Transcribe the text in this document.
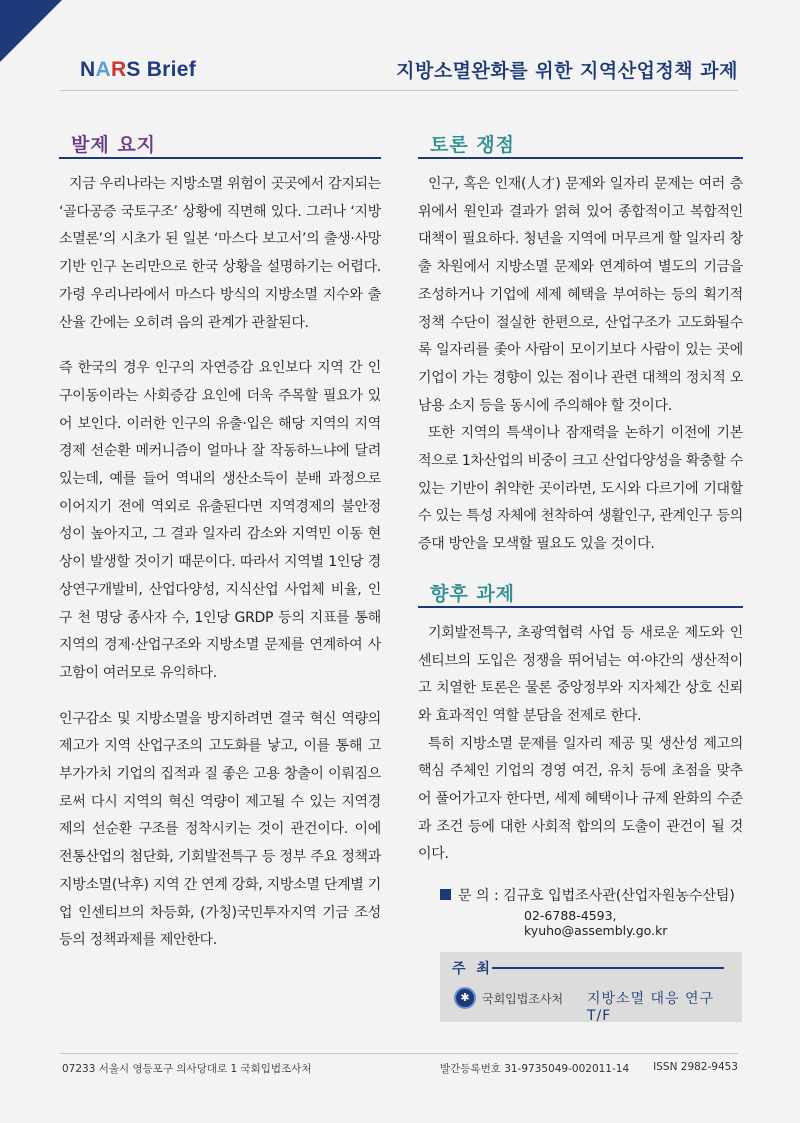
NARS Brief	지방소멸완화를 위한 지역산업정책 과제
발제 요지

지금 우리나라는 지방소멸 위험이 곳곳에서 감지되는 ‘골다공증 국토구조’ 상황에 직면해 있다. 그러나 ‘지방소멸론’의 시초가 된 일본 ‘마스다 보고서’의 출생·사망 기반 인구 논리만으로 한국 상황을 설명하기는 어렵다. 가령 우리나라에서 마스다 방식의 지방소멸 지수와 출산율 간에는 오히려 음의 관계가 관찰된다.

즉 한국의 경우 인구의 자연증감 요인보다 지역 간 인구이동이라는 사회증감 요인에 더욱 주목할 필요가 있어 보인다. 이러한 인구의 유출·입은 해당 지역의 지역경제 선순환 메커니즘이 얼마나 잘 작동하느냐에 달려 있는데, 예를 들어 역내의 생산소득이 분배 과정으로 이어지기 전에 역외로 유출된다면 지역경제의 불안정성이 높아지고, 그 결과 일자리 감소와 지역민 이동 현상이 발생할 것이기 때문이다. 따라서 지역별 1인당 경상연구개발비, 산업다양성, 지식산업 사업체 비율, 인구 천 명당 종사자 수, 1인당 GRDP 등의 지표를 통해 지역의 경제·산업구조와 지방소멸 문제를 연계하여 사고함이 여러모로 유익하다.

인구감소 및 지방소멸을 방지하려면 결국 혁신 역량의 제고가 지역 산업구조의 고도화를 낳고, 이를 통해 고부가가치 기업의 집적과 질 좋은 고용 창출이 이뤄짐으로써 다시 지역의 혁신 역량이 제고될 수 있는 지역경제의 선순환 구조를 정착시키는 것이 관건이다. 이에 전통산업의 첨단화, 기회발전특구 등 정부 주요 정책과 지방소멸(낙후) 지역 간 연계 강화, 지방소멸 단계별 기업 인센티브의 차등화, (가칭)국민투자지역 기금 조성 등의 정책과제를 제안한다.

토론 쟁점

인구, 혹은 인재(人才) 문제와 일자리 문제는 여러 층위에서 원인과 결과가 얽혀 있어 종합적이고 복합적인 대책이 필요하다. 청년을 지역에 머무르게 할 일자리 창출 차원에서 지방소멸 문제와 연계하여 별도의 기금을 조성하거나 기업에 세제 혜택을 부여하는 등의 획기적 정책 수단이 절실한 한편으로, 산업구조가 고도화될수록 일자리를 좇아 사람이 모이기보다 사람이 있는 곳에 기업이 가는 경향이 있는 점이나 관련 대책의 정치적 오남용 소지 등을 동시에 주의해야 할 것이다.

또한 지역의 특색이나 잠재력을 논하기 이전에 기본적으로 1차산업의 비중이 크고 산업다양성을 확충할 수 있는 기반이 취약한 곳이라면, 도시와 다르기에 기대할 수 있는 특성 자체에 천착하여 생활인구, 관계인구 등의 증대 방안을 모색할 필요도 있을 것이다.

향후 과제

기회발전특구, 초광역협력 사업 등 새로운 제도와 인센티브의 도입은 정쟁을 뛰어넘는 여·야간의 생산적이고 치열한 토론은 물론 중앙정부와 지자체간 상호 신뢰와 효과적인 역할 분담을 전제로 한다.

특히 지방소멸 문제를 일자리 제공 및 생산성 제고의 핵심 주체인 기업의 경영 여건, 유치 등에 초점을 맞추어 풀어가고자 한다면, 세제 혜택이나 규제 완화의 수준과 조건 등에 대한 사회적 합의의 도출이 관건이 될 것이다.

문 의 : 김규호 입법조사관(산업자원농수산팀)
02-6788-4593, kyuho@assembly.go.kr
주 최
✱	국회입법조사처 지방소멸 대응 연구 T/F
07233 서울시 영등포구 의사당대로 1 국회입법조사처	발간등록번호 31-9735049-002011-14 ISSN 2982-9453
